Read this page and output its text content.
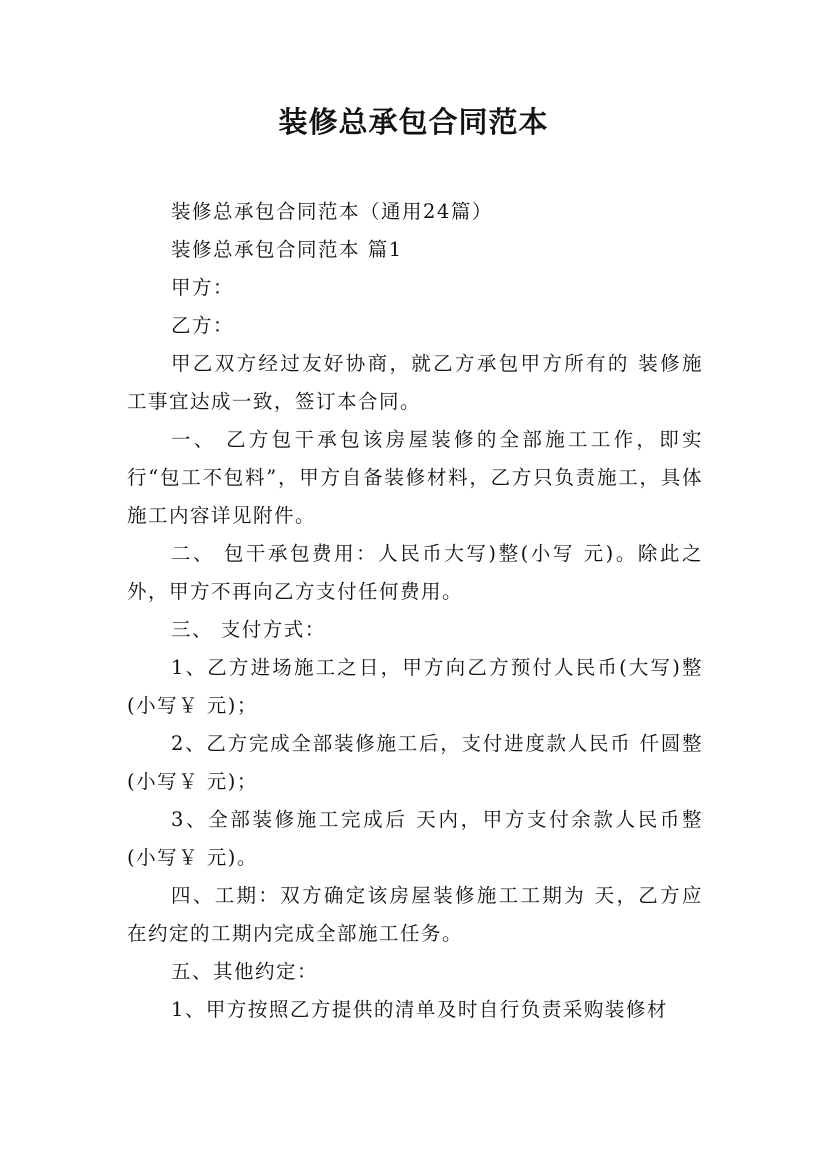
装修总承包合同范本

装修总承包合同范本（通用24篇）

装修总承包合同范本 篇1

甲方：

乙方：

甲乙双方经过友好协商，就乙方承包甲方所有的 装修施工事宜达成一致，签订本合同。

一、 乙方包干承包该房屋装修的全部施工工作，即实行“包工不包料”，甲方自备装修材料，乙方只负责施工，具体施工内容详见附件。

二、 包干承包费用：人民币大写)整(小写 元)。除此之外，甲方不再向乙方支付任何费用。

三、 支付方式：

1、乙方进场施工之日，甲方向乙方预付人民币(大写)整(小写￥ 元)；

2、乙方完成全部装修施工后，支付进度款人民币 仟圆整(小写￥ 元)；

3、全部装修施工完成后 天内，甲方支付余款人民币整(小写￥ 元)。

四、工期：双方确定该房屋装修施工工期为 天，乙方应在约定的工期内完成全部施工任务。

五、其他约定：

1、甲方按照乙方提供的清单及时自行负责采购装修材
